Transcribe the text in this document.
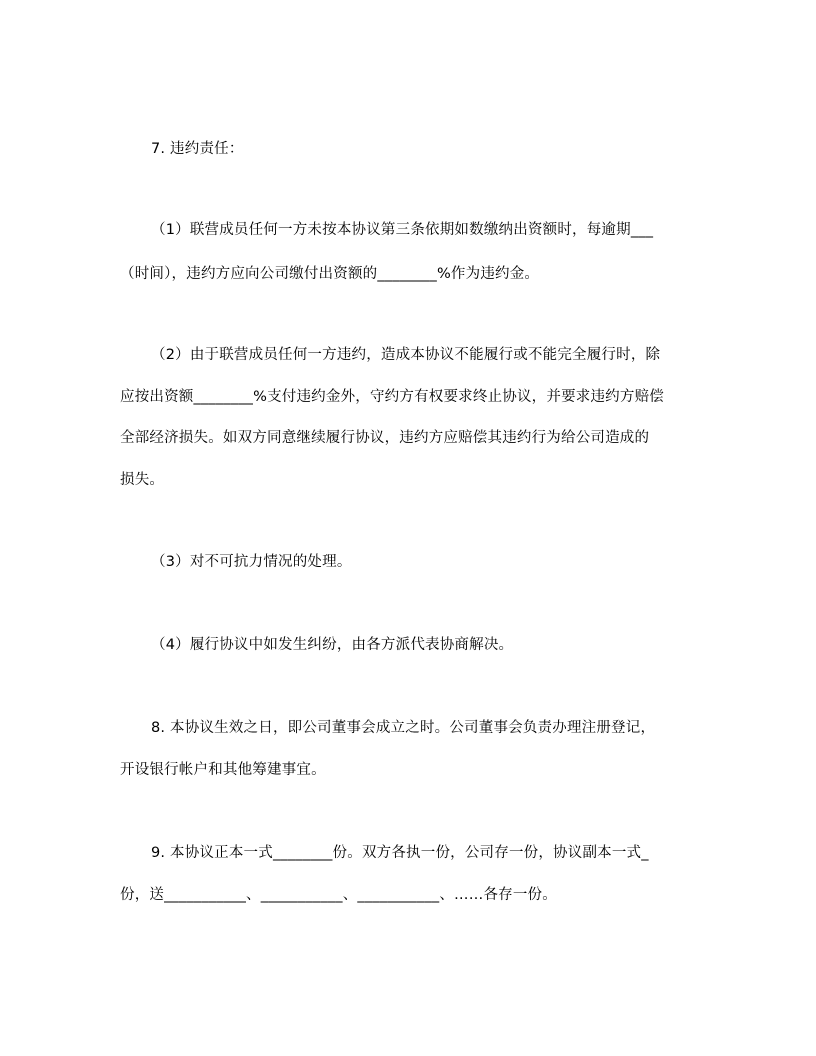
7. 违约责任：
（1）联营成员任何一方未按本协议第三条依期如数缴纳出资额时，每逾期___
（时间），违约方应向公司缴付出资额的________%作为违约金。
（2）由于联营成员任何一方违约，造成本协议不能履行或不能完全履行时，除
应按出资额________%支付违约金外，守约方有权要求终止协议，并要求违约方赔偿
全部经济损失。如双方同意继续履行协议，违约方应赔偿其违约行为给公司造成的
损失。
（3）对不可抗力情况的处理。
（4）履行协议中如发生纠纷，由各方派代表协商解决。
8. 本协议生效之日，即公司董事会成立之时。公司董事会负责办理注册登记，
开设银行帐户和其他筹建事宜。
9. 本协议正本一式________份。双方各执一份，公司存一份，协议副本一式_
份，送___________、___________、___________、……各存一份。
